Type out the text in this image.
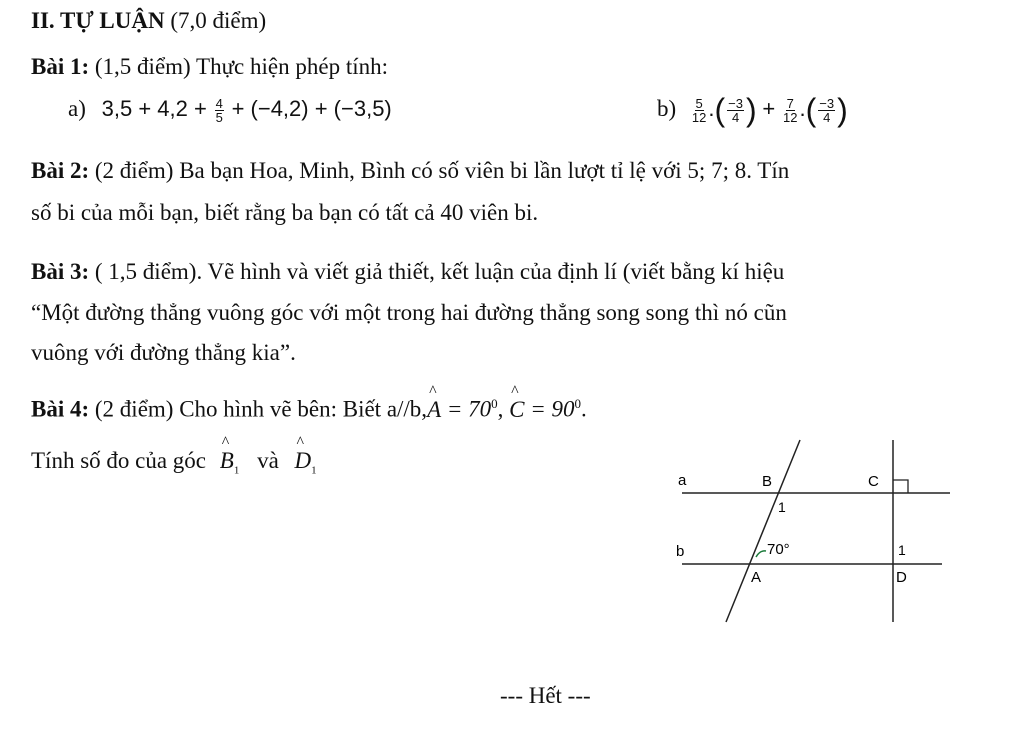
II. TỰ LUẬN (7,0 điểm)
Bài 1: (1,5 điểm) Thực hiện phép tính:
a) $3,5 + 4,2 + \frac{4}{5} + (-4,2) + (-3,5)$	$b) \frac{5}{12}$ .( $\frac{-3}{4}$ ) + $\frac{7}{12}$ .( $\frac{-3}{4}$ )
Bài 2: (2 điểm) Ba bạn Hoa, Minh, Bình có số viên bi lần lượt tỉ lệ với 5; 7; 8. Tín
số bi của mỗi bạn, biết rằng ba bạn có tất cả 40 viên bi.
Bài 3: ( 1,5 điểm). Vẽ hình và viết giả thiết, kết luận của định lí (viết bằng kí hiệu
“Một đường thẳng vuông góc với một trong hai đường thẳng song song thì nó cũn
vuông với đường thẳng kia”.
Bài 4: (2 điểm) Cho hình vẽ bên: Biết a//b,^ $A = 70^0$, ^ $C = 90^0$.
Tính số đo của góc ^ $B_1$ và ^ $D_1$
a
b
B	C
1
70°
A
1
D
--- Hết ---
